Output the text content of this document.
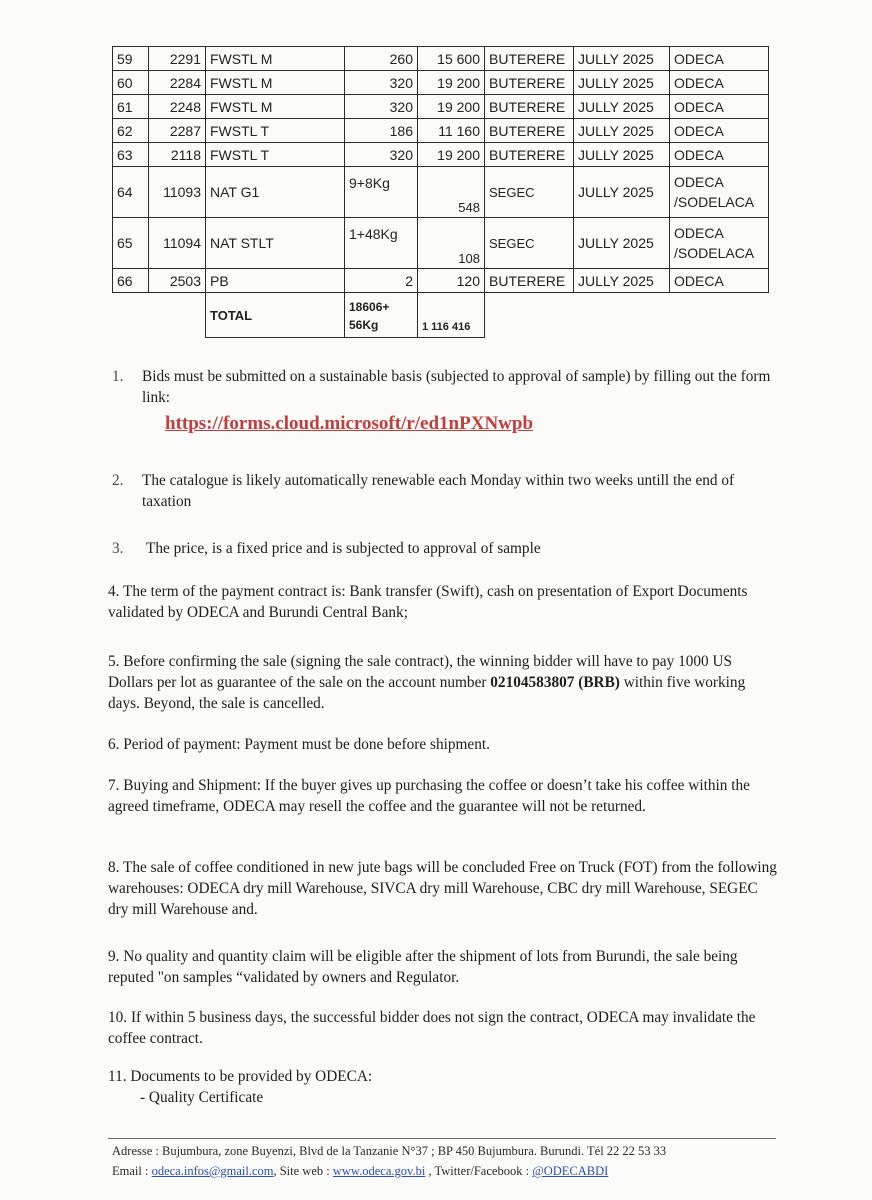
59	2291	FWSTL M	260	15 600	BUTERERE	JULLY 2025	ODECA
60	2284	FWSTL M	320	19 200	BUTERERE	JULLY 2025	ODECA
61	2248	FWSTL M	320	19 200	BUTERERE	JULLY 2025	ODECA
62	2287	FWSTL T	186	11 160	BUTERERE	JULLY 2025	ODECA
63	2118	FWSTL T	320	19 200	BUTERERE	JULLY 2025	ODECA
64	11093	NAT G1	9+8Kg	548	SEGEC	JULLY 2025	ODECA /SODELACA
65	11094	NAT STLT	1+48Kg	108	SEGEC	JULLY 2025	ODECA /SODELACA
66	2503	PB	2	120	BUTERERE	JULLY 2025	ODECA
		TOTAL	18606+ 56Kg	1 116 416			
1.	Bids must be submitted on a sustainable basis (subjected to approval of sample) by filling out the form link:
https://forms.cloud.microsoft/r/ed1nPXNwpb
2.	The catalogue is likely automatically renewable each Monday within two weeks untill the end of taxation
3.	The price, is a fixed price and is subjected to approval of sample
4. The term of the payment contract is: Bank transfer (Swift), cash on presentation of Export Documents validated by ODECA and Burundi Central Bank;
5. Before confirming the sale (signing the sale contract), the winning bidder will have to pay 1000 US Dollars per lot as guarantee of the sale on the account number 02104583807 (BRB) within five working days. Beyond, the sale is cancelled.
6. Period of payment: Payment must be done before shipment.
7. Buying and Shipment: If the buyer gives up purchasing the coffee or doesn’t take his coffee within the agreed timeframe, ODECA may resell the coffee and the guarantee will not be returned.
8. The sale of coffee conditioned in new jute bags will be concluded Free on Truck (FOT) from the following warehouses: ODECA dry mill Warehouse, SIVCA dry mill Warehouse, CBC dry mill Warehouse, SEGEC dry mill Warehouse and.
9. No quality and quantity claim will be eligible after the shipment of lots from Burundi, the sale being reputed "on samples “validated by owners and Regulator.
10. If within 5 business days, the successful bidder does not sign the contract, ODECA may invalidate the coffee contract.
11. Documents to be provided by ODECA:
- Quality Certificate
Adresse : Bujumbura, zone Buyenzi, Blvd de la Tanzanie N°37 ; BP 450 Bujumbura. Burundi. Tél 22 22 53 33
Email : odeca.infos@gmail.com, Site web : www.odeca.gov.bi , Twitter/Facebook : @ODECABDI
